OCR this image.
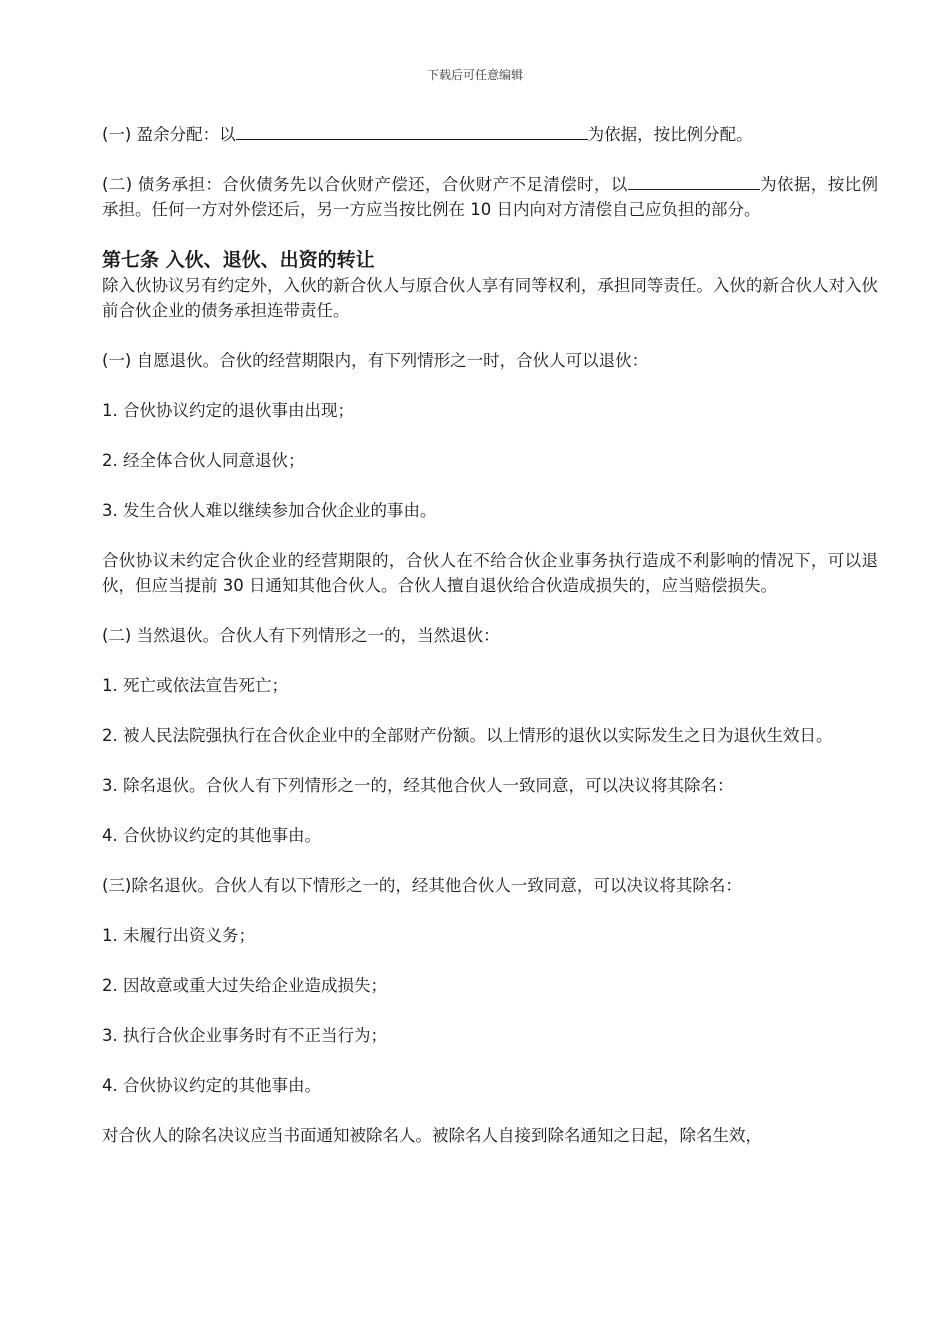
下载后可任意编辑

(一) 盈余分配：以	为依据，按比例分配。

(二) 债务承担：合伙债务先以合伙财产偿还，合伙财产不足清偿时，以	为依据，按比例承担。任何一方对外偿还后，另一方应当按比例在 10 日内向对方清偿自己应负担的部分。

第七条 入伙、退伙、出资的转让

除入伙协议另有约定外，入伙的新合伙人与原合伙人享有同等权利，承担同等责任。入伙的新合伙人对入伙前合伙企业的债务承担连带责任。

(一) 自愿退伙。合伙的经营期限内，有下列情形之一时，合伙人可以退伙：

1. 合伙协议约定的退伙事由出现；

2. 经全体合伙人同意退伙；

3. 发生合伙人难以继续参加合伙企业的事由。

合伙协议未约定合伙企业的经营期限的，合伙人在不给合伙企业事务执行造成不利影响的情况下，可以退伙，但应当提前 30 日通知其他合伙人。合伙人擅自退伙给合伙造成损失的，应当赔偿损失。

(二) 当然退伙。合伙人有下列情形之一的，当然退伙：

1. 死亡或依法宣告死亡；

2. 被人民法院强执行在合伙企业中的全部财产份额。以上情形的退伙以实际发生之日为退伙生效日。

3. 除名退伙。合伙人有下列情形之一的，经其他合伙人一致同意，可以决议将其除名：

4. 合伙协议约定的其他事由。

(三)除名退伙。合伙人有以下情形之一的，经其他合伙人一致同意，可以决议将其除名：

1. 未履行出资义务；

2. 因故意或重大过失给企业造成损失；

3. 执行合伙企业事务时有不正当行为；

4. 合伙协议约定的其他事由。

对合伙人的除名决议应当书面通知被除名人。被除名人自接到除名通知之日起，除名生效，
